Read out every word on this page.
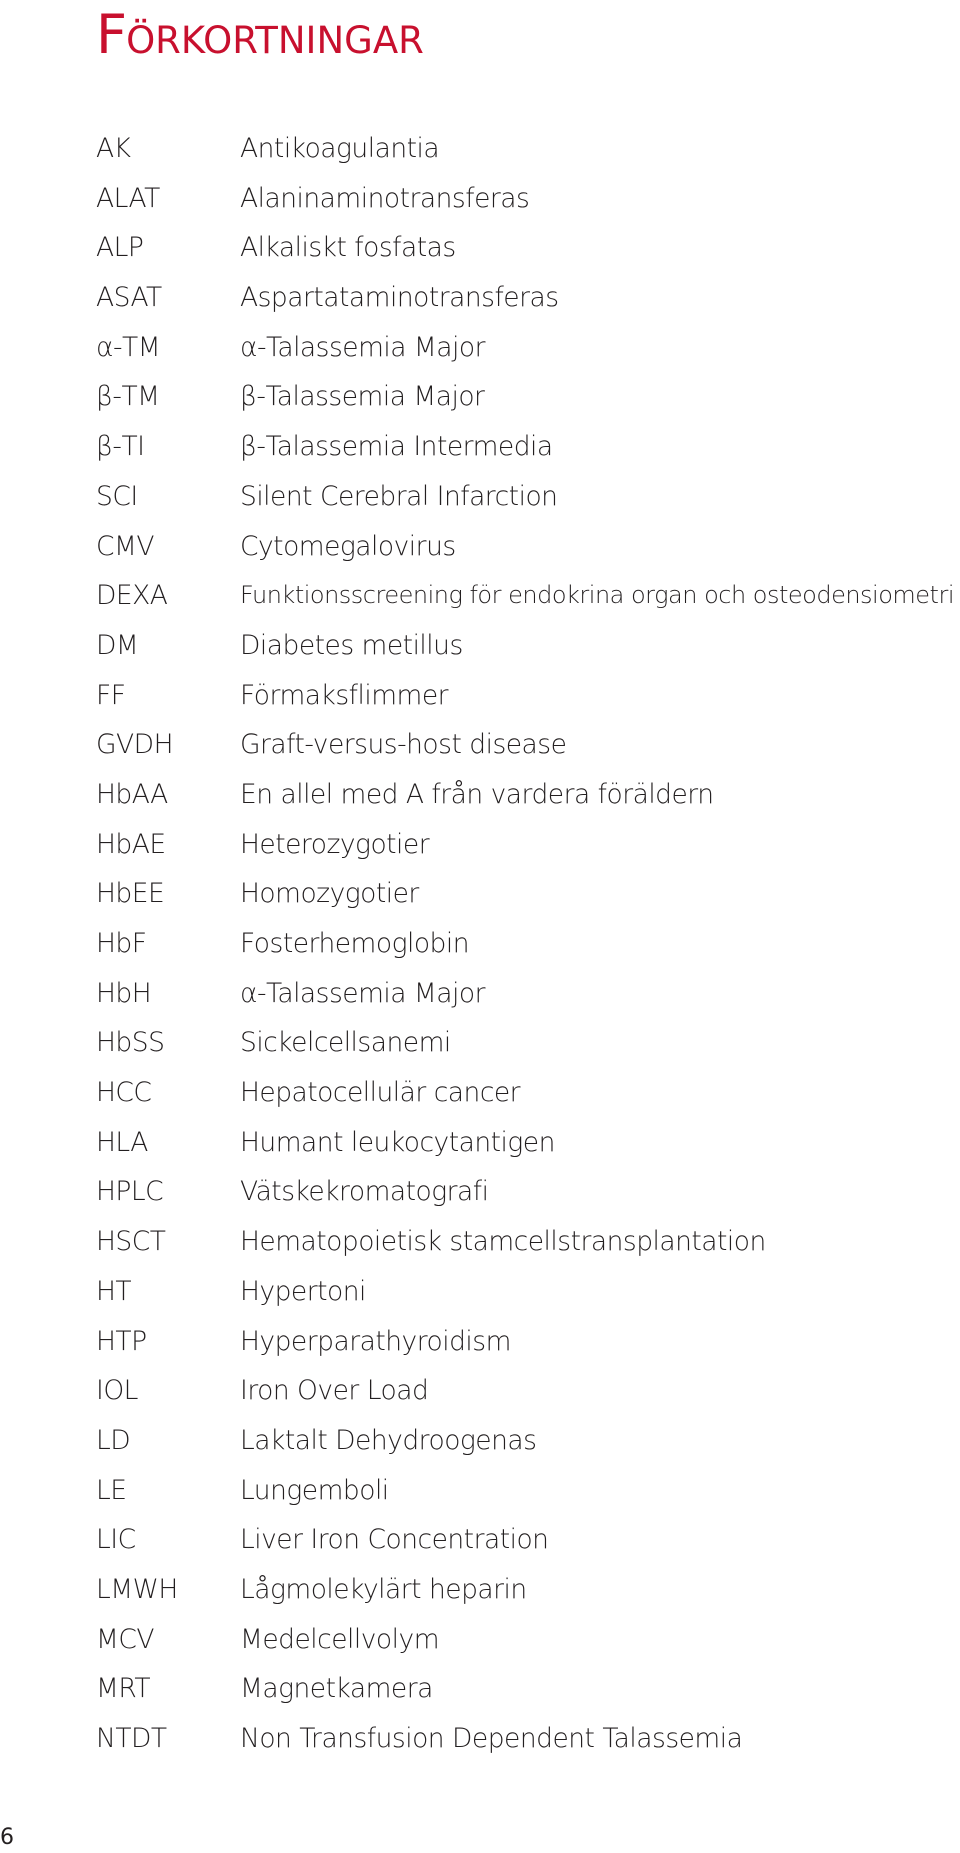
FÖRKORTNINGAR
AK	Antikoagulantia
ALAT	Alaninaminotransferas
ALP	Alkaliskt fosfatas
ASAT	Aspartataminotransferas
α-TM	α-Talassemia Major
β-TM	β-Talassemia Major
β-TI	β-Talassemia Intermedia
SCI	Silent Cerebral Infarction
CMV	Cytomegalovirus
DEXA	Funktionsscreening för endokrina organ och osteodensiometri
DM	Diabetes metillus
FF	Förmaksflimmer
GVDH	Graft-versus-host disease
HbAA	En allel med A från vardera föräldern
HbAE	Heterozygotier
HbEE	Homozygotier
HbF	Fosterhemoglobin
HbH	α-Talassemia Major
HbSS	Sickelcellsanemi
HCC	Hepatocellulär cancer
HLA	Humant leukocytantigen
HPLC	Vätskekromatografi
HSCT	Hematopoietisk stamcellstransplantation
HT	Hypertoni
HTP	Hyperparathyroidism
IOL	Iron Over Load
LD	Laktalt Dehydroogenas
LE	Lungemboli
LIC	Liver Iron Concentration
LMWH Lågmolekylärt heparin
MCV	Medelcellvolym
MRT	Magnetkamera
NTDT	Non Transfusion Dependent Talassemia
6
